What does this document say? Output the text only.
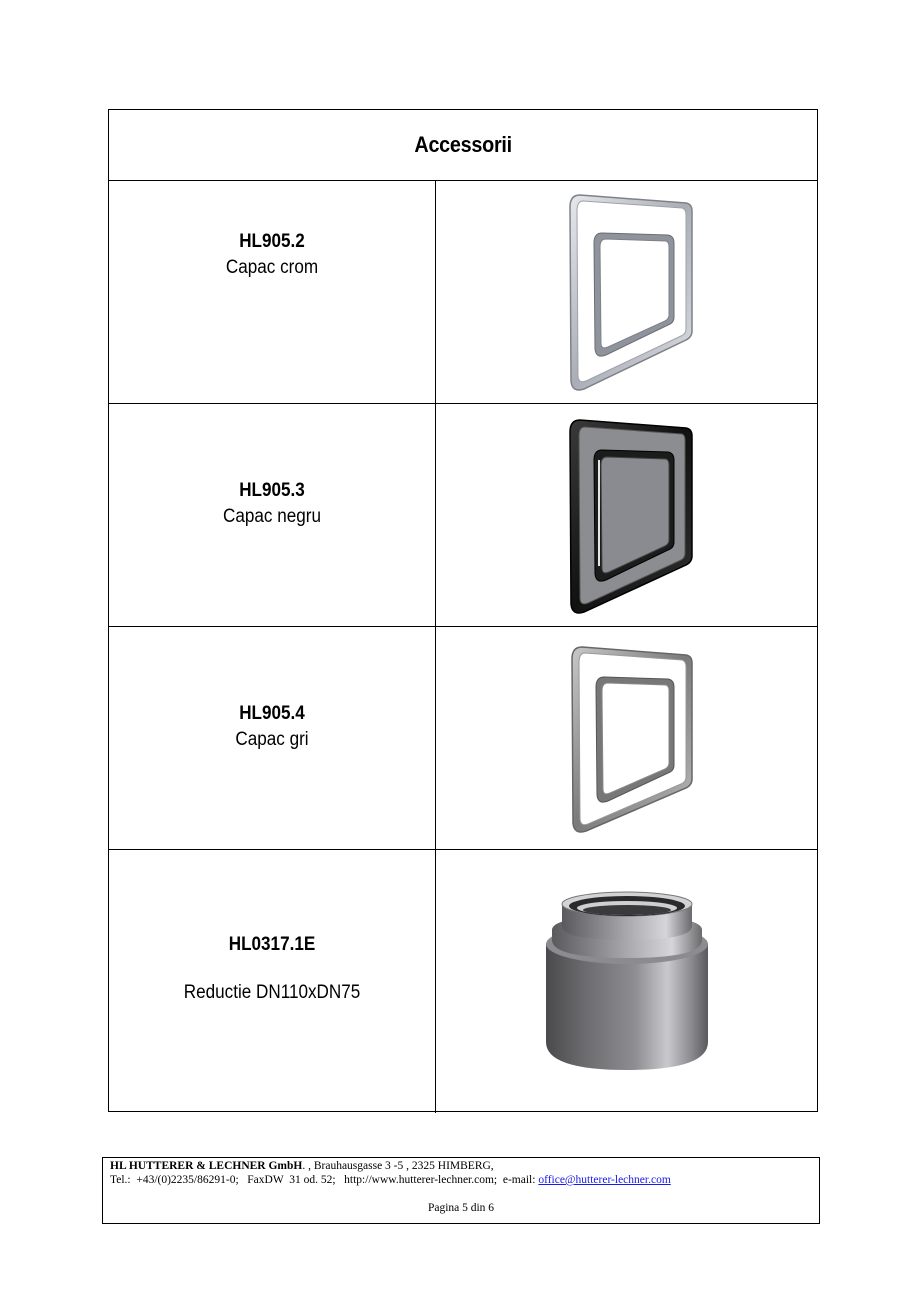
Accessorii
HL905.2
Capac crom
HL905.3
Capac negru
HL905.4
Capac gri
HL0317.1E
Reductie DN110xDN75
HL HUTTERER & LECHNER GmbH. , Brauhausgasse 3 -5 , 2325 HIMBERG,
Tel.:  +43/(0)2235/86291-0;   FaxDW  31 od. 52;   http://www.hutterer-lechner.com;  e-mail: office@hutterer-lechner.com
Pagina 5 din 6
